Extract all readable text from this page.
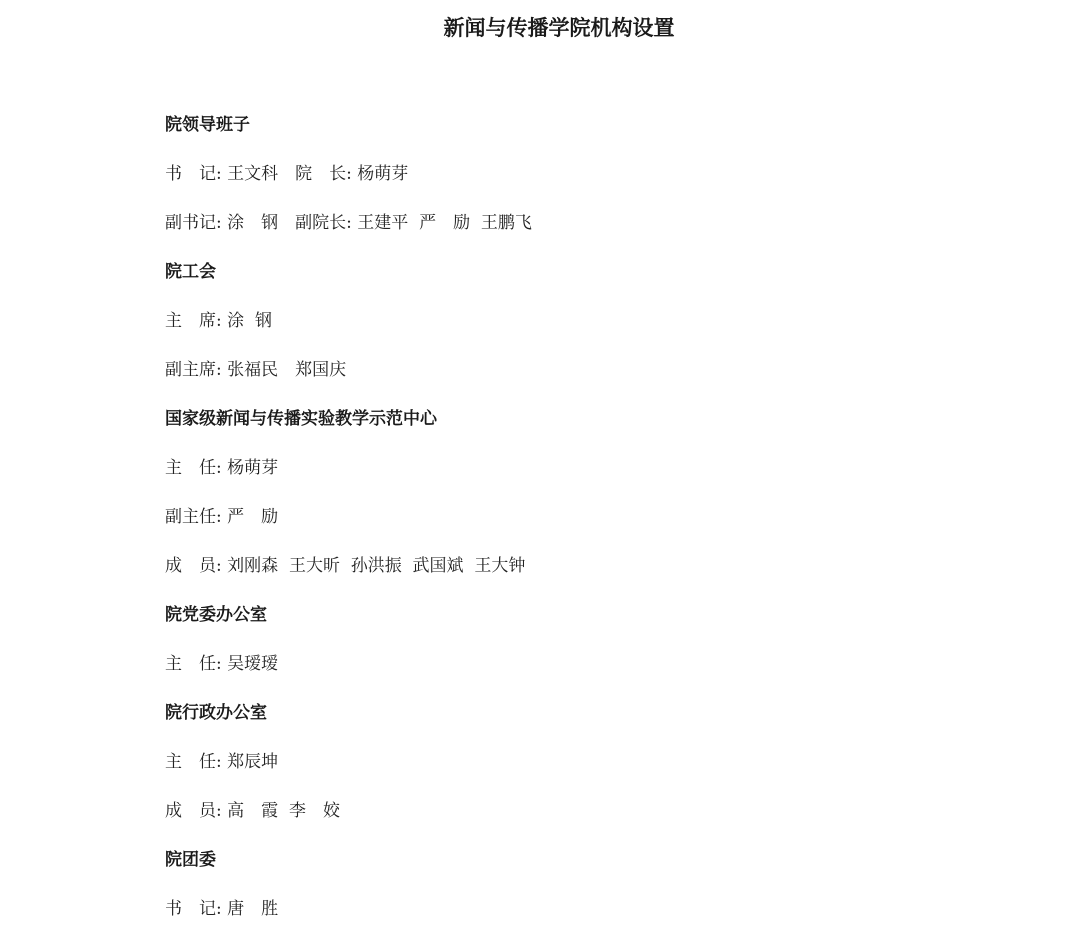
新闻与传播学院机构设置
院领导班子
书　记: 王文科　院　长: 杨萌芽
副书记: 涂　钢　副院长: 王建平  严　励  王鹏飞
院工会
主　席: 涂  钢
副主席: 张福民　郑国庆
国家级新闻与传播实验教学示范中心
主　任: 杨萌芽
副主任: 严　励
成　员: 刘刚森  王大昕  孙洪振  武国斌  王大钟
院党委办公室
主　任: 吴瑷瑷
院行政办公室
主　任: 郑辰坤
成　员: 高　霞  李　姣
院团委
书　记: 唐　胜
